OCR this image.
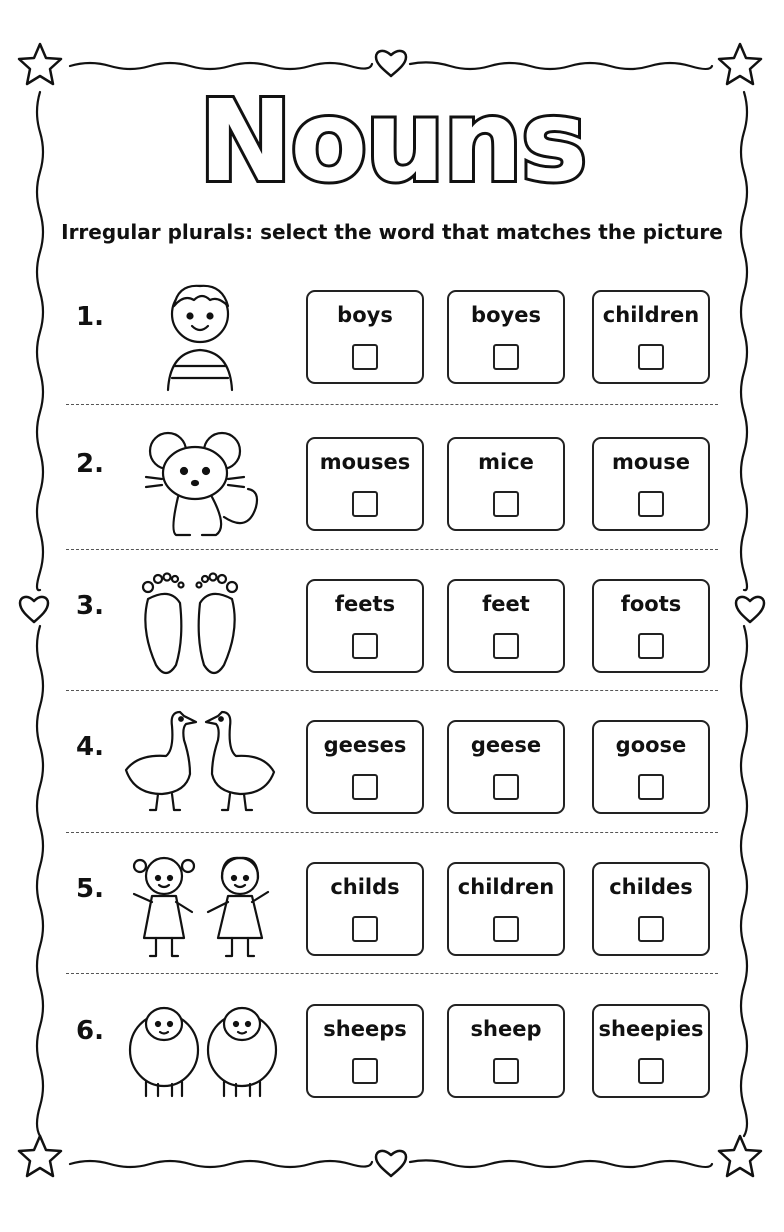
Nouns
Irregular plurals: select the word that matches the picture
1.	boys	boyes	children
2.	mouses	mice	mouse
3.	feets	feet	foots
4.	geeses	geese	goose
5.	childs	children	childes
6.	sheeps	sheep	sheepies
